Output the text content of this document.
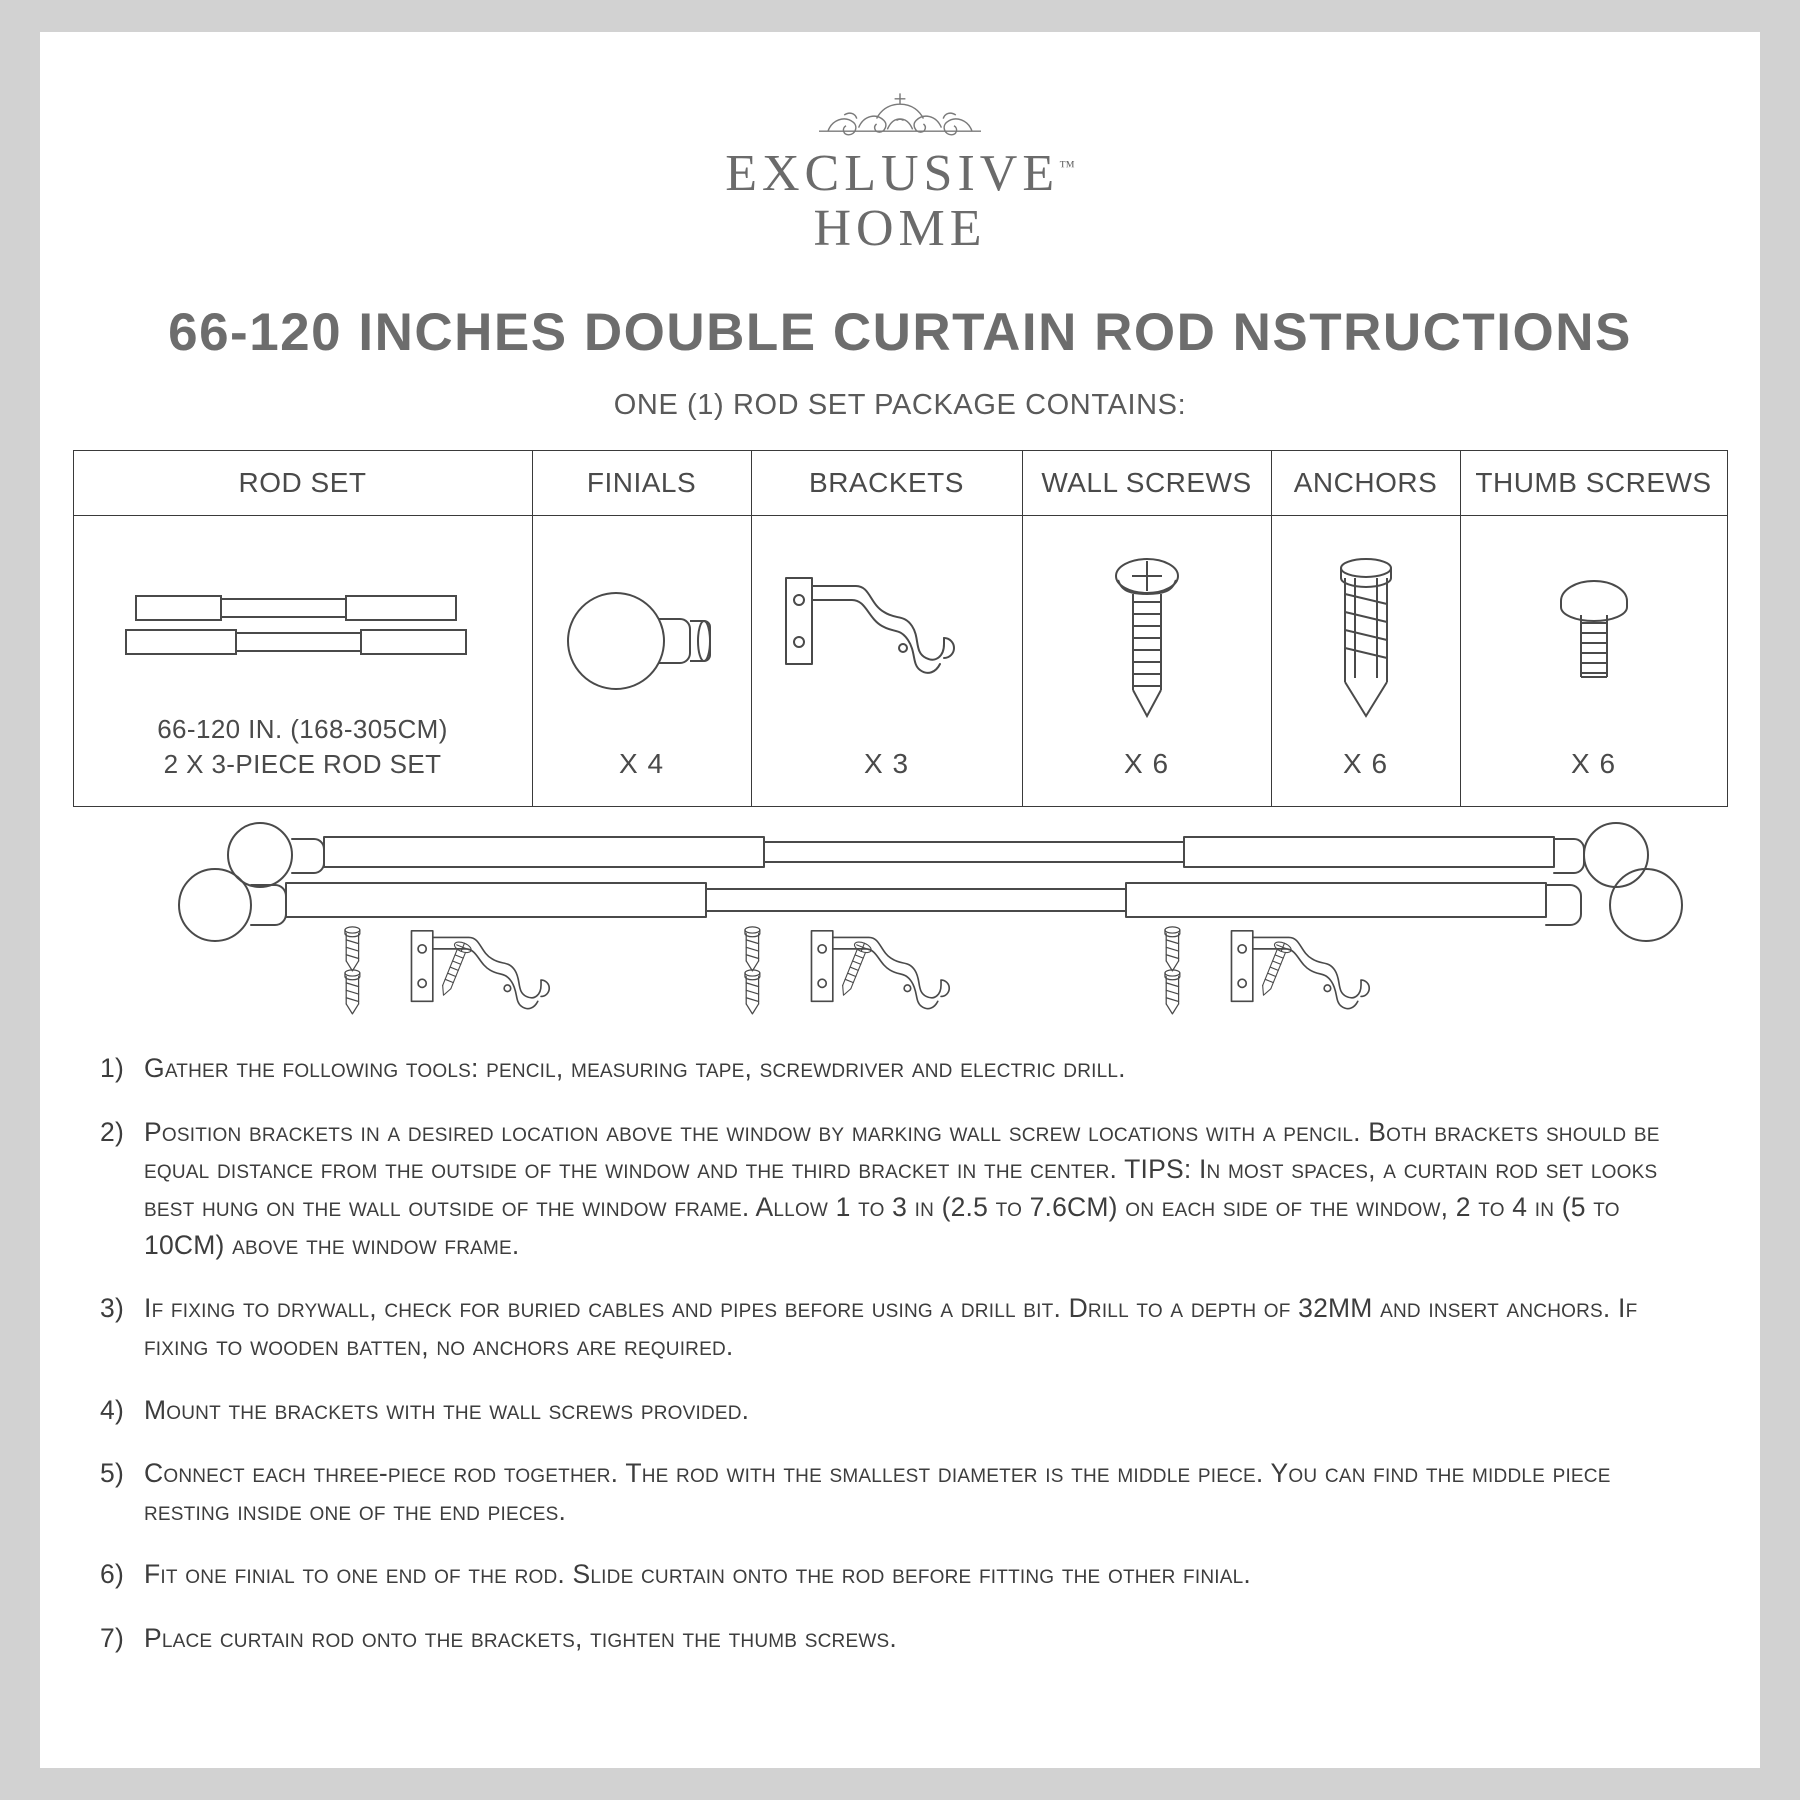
EXCLUSIVE™
HOME
66-120 INCHES DOUBLE CURTAIN ROD NSTRUCTIONS
ONE (1) ROD SET PACKAGE CONTAINS:
ROD SET	FINIALS	BRACKETS	WALL SCREWS	ANCHORS	THUMB SCREWS

66-120 IN. (168-305CM)
2 X 3-PIECE ROD SET	X 4	X 3	X 6	X 6	X 6
1) Gather the following tools: pencil, measuring tape, screwdriver and electric drill.
2) Position brackets in a desired location above the window by marking wall screw locations with a pencil. Both brackets should be equal distance from the outside of the window and the third bracket in the center. TIPS: In most spaces, a curtain rod set looks best hung on the wall outside of the window frame. Allow 1 to 3 in (2.5 to 7.6CM) on each side of the window, 2 to 4 in (5 to 10CM) above the window frame.
3) If fixing to drywall, check for buried cables and pipes before using a drill bit. Drill to a depth of 32MM and insert anchors. If fixing to wooden batten, no anchors are required.
4) Mount the brackets with the wall screws provided.
5) Connect each three-piece rod together. The rod with the smallest diameter is the middle piece. You can find the middle piece resting inside one of the end pieces.
6) Fit one finial to one end of the rod. Slide curtain onto the rod before fitting the other finial.
7) Place curtain rod onto the brackets, tighten the thumb screws.
